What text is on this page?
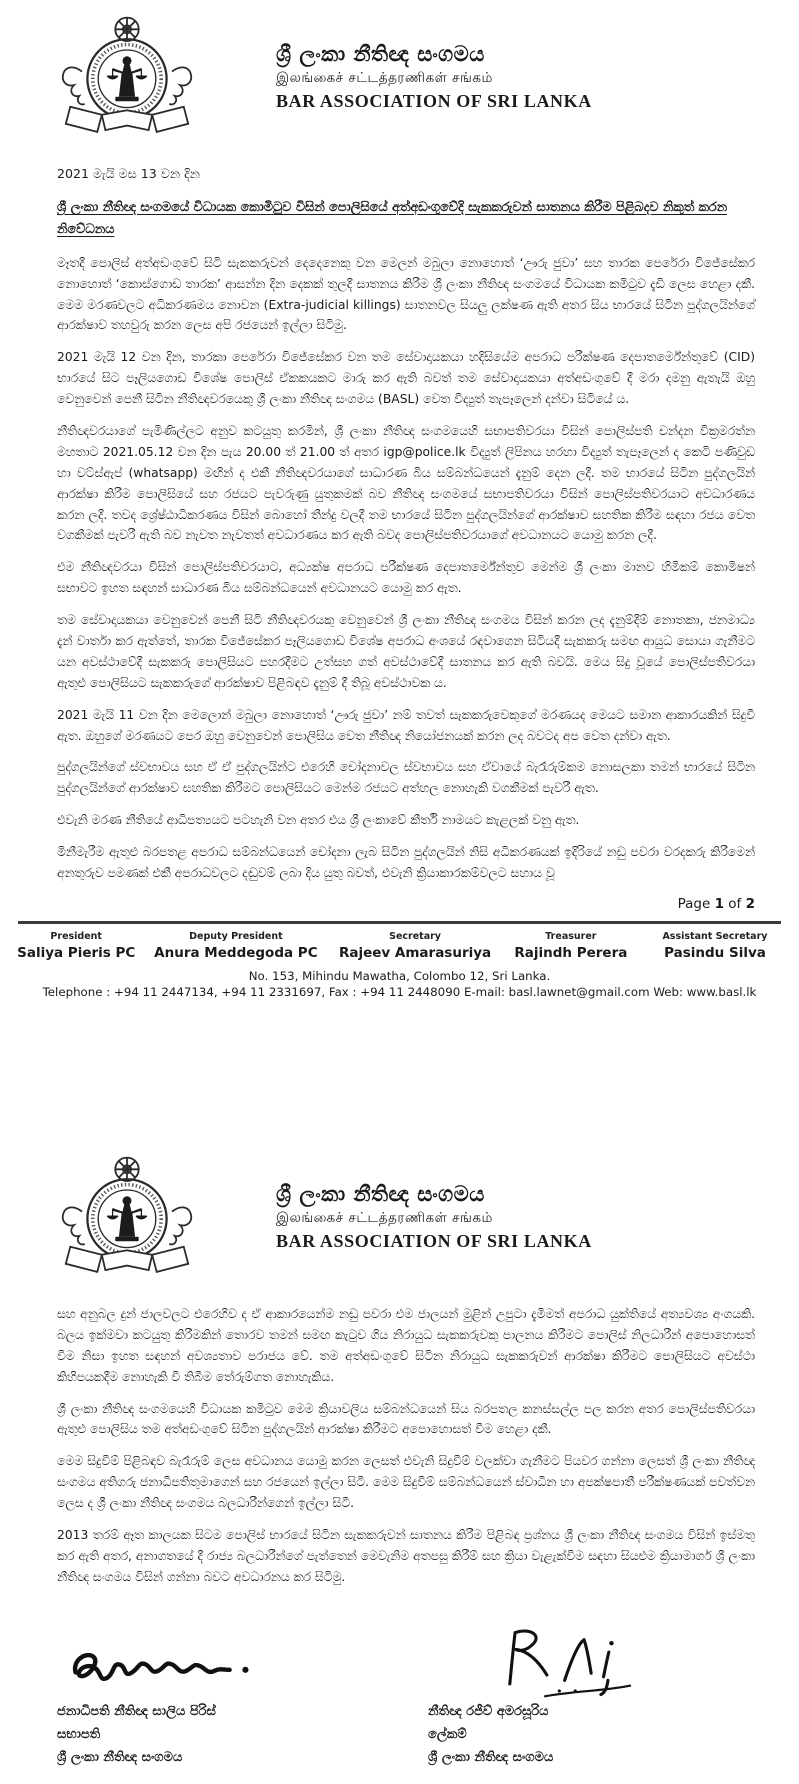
ශ්‍රී ලංකා නීතිඥ සංගමය
இலங்கைச் சட்டத்தரணிகள் சங்கம்
BAR ASSOCIATION OF SRI LANKA
2021 මැයි මස 13 වන දින
ශ්‍රී ලංකා නීතිඥ සංගමයේ විධායක කොමිටුව විසින් පොලිසියේ අත්අඩංගුවේදි සැකකරුවන් සාතනය කිරීම පිළිබදව නිකුත් කරන නිවේධනය

මෑතදී පොලිස් අත්අඩංගුවේ සිටි සැකකරුවන් දෙදෙනෙකු වන මෙලන් මබුලා නොහොත් ‘ඌරු ජුවා’ සහ තාරක පෙරේරා විජේසේකර නොහොත් ‘කොස්ගොඩ තාරක’ ආසන්න දින දෙකක් තුලදී සාතනය කිරීම ශ්‍රී ලංකා නීතිඥ සංගමයේ විධායක කමිටුව දැඩි ලෙස හෙළා දකී. මෙම මරණවලට අධිකරණමය නොවන (Extra-judicial killings) සාතනවල සියලු ලක්ෂණ ඇති අතර සිය භාරයේ සිටින පුද්ගලයින්ගේ ආරක්ෂාව තහවුරු කරන ලෙස අපි රජයෙන් ඉල්ලා සිටිමු.

2021 මැයි 12 වන දින, තාරකා පෙරේරා විජේසේකර වන තම සේවාදායකයා හදිසියේම අපරාධ පරීක්ෂණ දෙපාතර්මේන්තුවේ (CID) භාරයේ සිට පෑලියගොඩ විශේෂ පොලිස් ඒකකයකට මාරු කර ඇති බවත් තම සේවාදායකයා අත්අඩංගුවේ දී මරා දමනු ඇතැයි ඔහු වෙනුවෙන් පෙනී සිටින නීතිඥවරයෙකු ශ්‍රී ලංකා නීතිඥ සංගමය (BASL) වෙත විද්‍යුත් තැපෑලෙන් දන්වා සිටියේ ය.

නීතිඥවරයාගේ පැමිණිල්ලට අනුව කටයුතු කරමින්, ශ්‍රී ලංකා නීතිඥ සංගමයෙහි සභාපතිවරයා විසින් පොලිස්පති චන්දන වික්‍රමරත්න මහතාට 2021.05.12 වන දින පැය 20.00 ත් 21.00 ත් අතර igp@police.lk විද්‍යුත් ලිපිනය හරහා විද්‍යුත් තැපෑලෙන් ද කෙටි පණිවුඩ හා වට්ස්ඇප් (whatsapp) මඟින් ද එකී නීතිඥවරයාගේ සාධාරණ බිය සම්බන්ධයෙන් දැනුම් දෙන ලදී. තම භාරයේ සිටින පුද්ගලයින් ආරක්ෂා කිරීම පොලිසියේ සහ රජයට පැවරුණු යුතුකමක් බව නීතිඥ සංගමයේ සභාපතිවරයා විසින් පොලිස්පතිවරයාට අවධාරණය කරන ලදී. තවද ශ්‍රේෂ්ඨාධිකරණය විසින් බොහෝ තීන්දු වලදී තම භාරයේ සිටින පුද්ගලයින්ගේ ආරක්ෂාව සහතික කිරීම සඳහා රජය වෙත වගකීමක් පැවරී ඇති බව නැවත නැවතත් අවධාරණය කර ඇති බවද පොලිස්පතිවරයාගේ අවධානයට යොමු කරන ලදී.

එම නීතිඥවරයා විසින් පොලිස්පතිවරයාට, අධ්‍යක්ෂ අපරාධ පරීක්ෂණ දෙපාතර්මේන්තුව මෙන්ම ශ්‍රී ලංකා මානව හිමිකම් කොමිෂන් සභාවට ඉහත සඳහන් සාධාරණ බිය සම්බන්ධයෙන් අවධානයට යොමු කර ඇත.

තම සේවාදායකයා වෙනුවෙන් පෙනී සිටි නීතිඥවරයකු වෙනුවෙන් ශ්‍රී ලංකා නීතිඥ සංගමය විසින් කරන ලද දැනුම්දීම් නොතකා, ජනමාධ්‍ය දැන් වාර්තා කර ඇත්තේ, තාරක විජේසේකර පෑලියගොඩ විශේෂ අපරාධ අංශයේ රඳවාගෙන සිටියදී සැකකරු සමඟ ආයුධ සොයා ගැනීමට යන අවස්ථාවේදී සැකකරු පොලිසියට පහරදීමට උත්සහ ගත් අවස්ථාවේදී සාතනය කර ඇති බවයි. මෙය සිදු වූයේ පොලිස්පතිවරයා ඇතුළු පොලිසියට සැකකරුගේ ආරක්ෂාව පිළිබඳව දැනුම් දී තිබූ අවස්ථාවක ය.

2021 මැයි 11 වන දින මෙලොන් මබුලා නොහොත් ‘ඌරු ජුවා’ නම් තවත් සැකකරුවෙකුගේ මරණයද මෙයට සමාන ආකාරයකින් සිදුවී ඇත. ඔහුගේ මරණයට පෙර ඔහු වෙනුවෙන් පොලිසිය වෙත නීතිඥ නියෝජනයක් කරන ලද බවටද අප වෙත දන්වා ඇත.

පුද්ගලයින්ගේ ස්වභාවය සහ ඒ ඒ පුද්ගලයින්ට එරෙහි චෝදනාවල ස්වභාවය සහ ඒවායේ බැරෑරුම්කම නොසලකා තමන් භාරයේ සිටින පුද්ගලයින්ගේ ආරක්ෂාව සහතික කිරීමට පොලිසියට මෙන්ම රජයට අත්හල නොහැකි වගකීමක් පැවරී ඇත.

එවැනි මරණ නීතියේ ආධිපත්‍යයට පටහැනි වන අතර එය ශ්‍රී ලංකාවේ කීර්ති නාමයට කැළලක් වනු ඇත.

මිනීමැරීම ඇතුළු බරපතළ අපරාධ සම්බන්ධයෙන් චෝදනා ලැබ සිටින පුද්ගලයින් නිසි අධිකරණයක් ඉදිරියේ නඩු පවරා වරදකරු කිරීමෙන් අනතුරුව පමණක් එකී අපරාධවලට දඬුවම් ලබා දිය යුතු බවත්, එවැනි ක්‍රියාකාරකම්වලට සහාය වූ

Page 1 of 2
President
Saliya Pieris PC
Deputy President
Anura Meddegoda PC
Secretary
Rajeev Amarasuriya
Treasurer
Rajindh Perera
Assistant Secretary
Pasindu Silva
No. 153, Mihindu Mawatha, Colombo 12, Sri Lanka.
Telephone : +94 11 2447134, +94 11 2331697, Fax : +94 11 2448090 E-mail: basl.lawnet@gmail.com Web: www.basl.lk
ශ්‍රී ලංකා නීතිඥ සංගමය
இலங்கைச் சட்டத்தரணிகள் சங்கம்
BAR ASSOCIATION OF SRI LANKA

සහ අනුබල දුන් ජාලවලට එරෙහිව ද ඒ ආකාරයෙන්ම නඩු පවරා එම ජාලයන් මුළින් උපුටා දැමීමත් අපරාධ යුක්තියේ අත්‍යවශ්‍ය අංගයකි. බලය ඉක්මවා කටයුතු කිරීමකින් තොරව තමන් සමඟ කැටුව ගිය නිරායුධ සැකකරුවකු පාලනය කිරීමට පොලිස් නිලධාරීන් අපොහොසත් වීම නිසා ඉහත සඳහන් අවශ්‍යතාව පරාජය වේ. තම අත්අඩංගුවේ සිටින නිරායුධ සැකකරුවන් ආරක්ෂා කිරීමට පොලිසියට අවස්ථා කිහිපයකදීම නොහැකි වී තිබීම තේරුම්ගත නොහැකිය.

ශ්‍රී ලංකා නීතිඥ සංගමයෙහි විධායක කමිටුව මෙම ක්‍රියාවලිය සම්බන්ධයෙන් සිය බරපතල කනස්සල්ල පල කරන අතර පොලිස්පතිවරයා ඇතුළු පොලිසිය තම අත්අඩංගුවේ සිටින පුද්ගලයින් ආරක්ෂා කිරීමට අපොහොසත් වීම හෙළා දකී.

මෙම සිදුවීම් පිළිබඳව බැරෑරුම් ලෙස අවධානය යොමු කරන ලෙසත් එවැනි සිදුවීම් වලක්වා ගැනීමට පියවර ගන්නා ලෙසත් ශ්‍රී ලංකා නීතිඥ සංගමය අතිගරු ජනාධිපතිතුමාගෙන් සහ රජයෙන් ඉල්ලා සිටී. මෙම සිදුවීම් සම්බන්ධයෙන් ස්වාධීන හා අපක්ෂපාතී පරීක්ෂණයක් පවත්වන ලෙස ද ශ්‍රී ලංකා නීතිඥ සංගමය බලධාරීන්ගෙන් ඉල්ලා සිටී.

2013 තරම් ඈත කාලයක සිටම පොලිස් භාරයේ සිටින සැකකරුවන් සාතනය කිරීම පිළිබඳ ප්‍රශ්නය ශ්‍රී ලංකා නීතිඥ සංගමය විසින් ඉස්මතු කර ඇති අතර, අනාගතයේ දී රාජ්‍ය බලධාරීන්ගේ පැත්තෙන් මෙවැනිම අතපසු කිරීම් සහ ක්‍රියා වැළැක්වීම සඳහා සියළුම ක්‍රියාමාර්ග ශ්‍රී ලංකා නීතිඥ සංගමය විසින් ගන්නා බවට අවධාරනය කර සිටිමු.

ජනාධිපති නීතිඥ සාලිය පිරිස්
සභාපති
ශ්‍රී ලංකා නීතිඥ සංගමය
නීතිඥ රජීව් අමරසූරිය
ලේකම්
ශ්‍රී ලංකා නීතිඥ සංගමය
